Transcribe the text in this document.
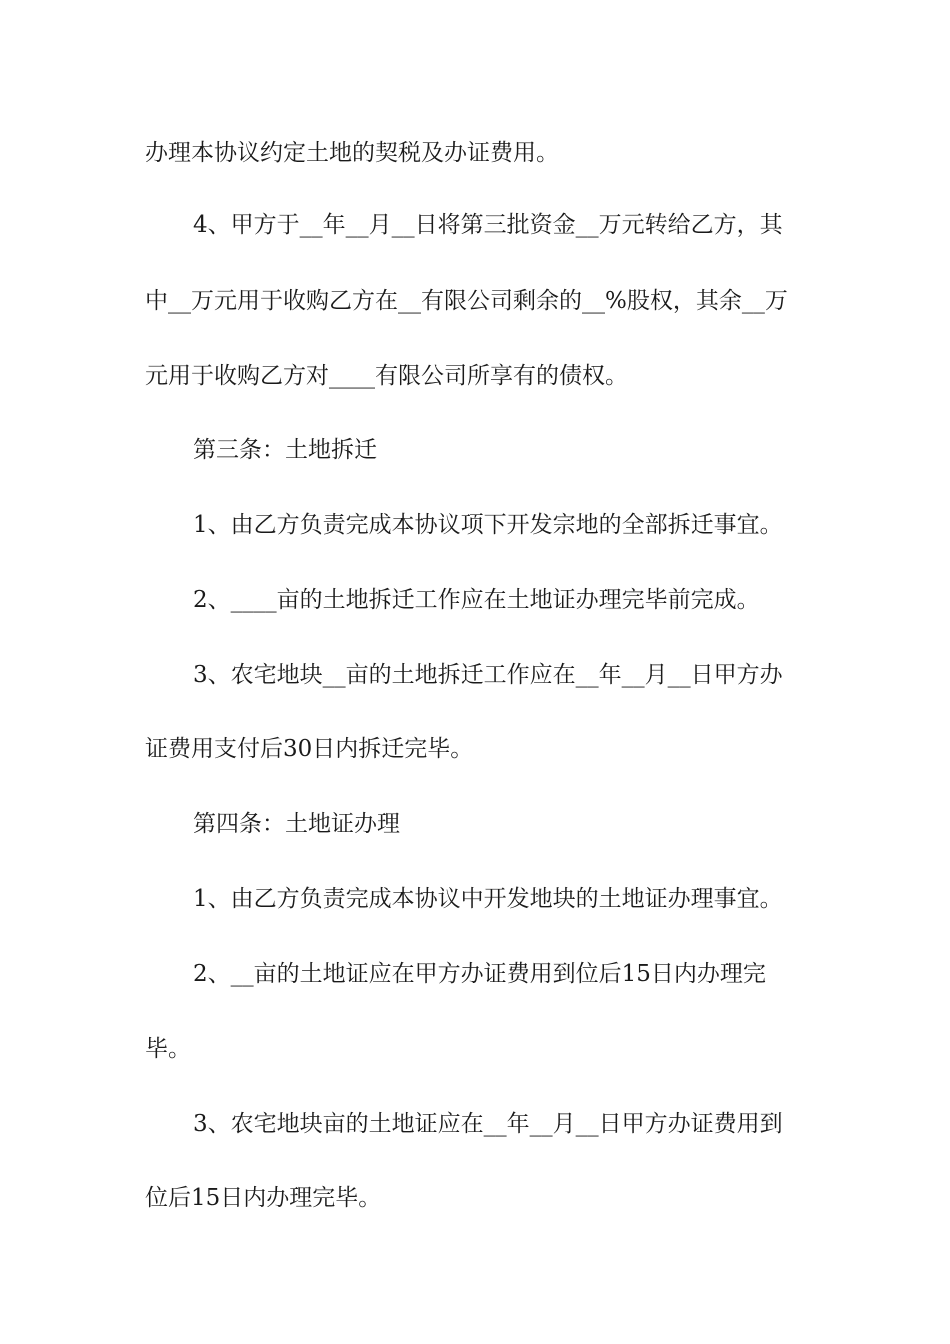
办理本协议约定土地的契税及办证费用。
4、甲方于__年__月__日将第三批资金__万元转给乙方，其
中__万元用于收购乙方在__有限公司剩余的__%股权，其余__万
元用于收购乙方对____有限公司所享有的债权。
第三条：土地拆迁
1、由乙方负责完成本协议项下开发宗地的全部拆迁事宜。
2、____亩的土地拆迁工作应在土地证办理完毕前完成。
3、农宅地块__亩的土地拆迁工作应在__年__月__日甲方办
证费用支付后30日内拆迁完毕。
第四条：土地证办理
1、由乙方负责完成本协议中开发地块的土地证办理事宜。
2、__亩的土地证应在甲方办证费用到位后15日内办理完
毕。
3、农宅地块亩的土地证应在__年__月__日甲方办证费用到
位后15日内办理完毕。
